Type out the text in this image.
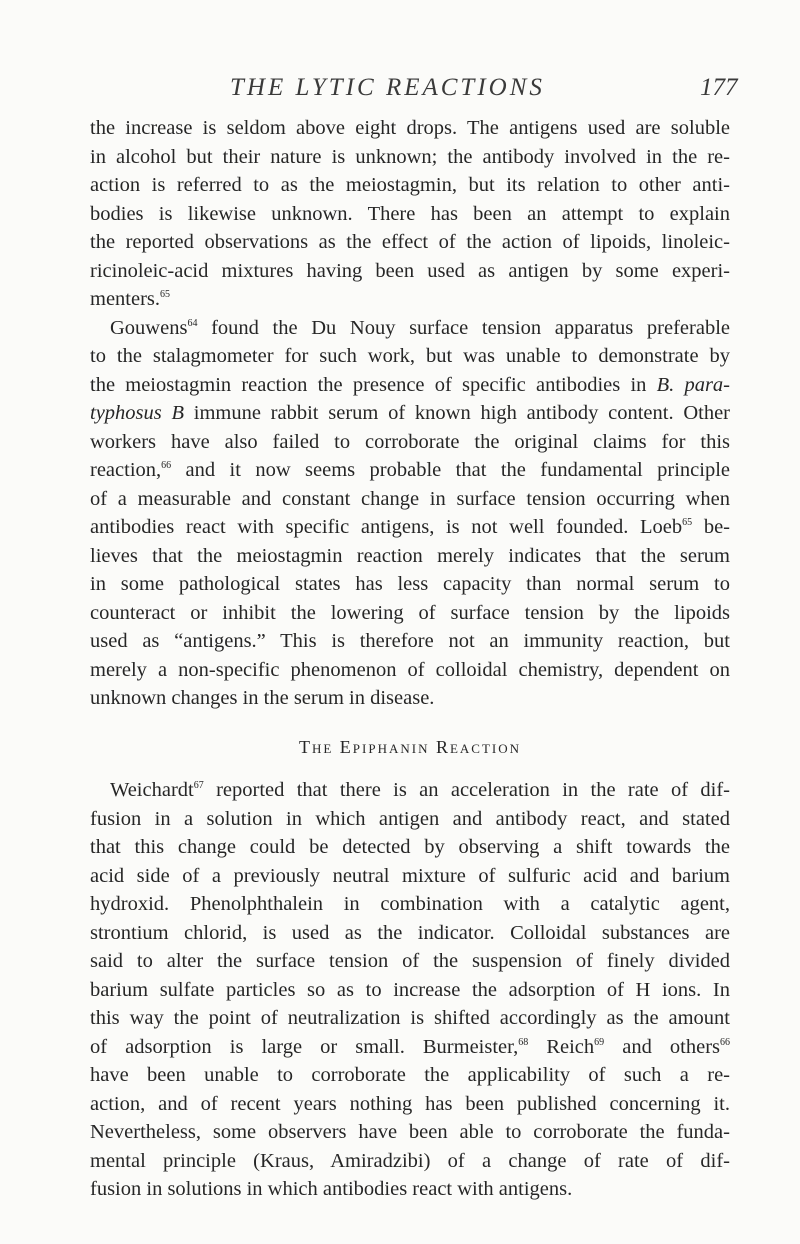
THE LYTIC REACTIONS	177
the increase is seldom above eight drops. The antigens used are soluble
in alcohol but their nature is unknown; the antibody involved in the re-
action is referred to as the meiostagmin, but its relation to other anti-
bodies is likewise unknown. There has been an attempt to explain
the reported observations as the effect of the action of lipoids, linoleic-
ricinoleic-acid mixtures having been used as antigen by some experi-
menters.$^{65}$
Gouwens$^{64}$ found the Du Nouy surface tension apparatus preferable
to the stalagmometer for such work, but was unable to demonstrate by
the meiostagmin reaction the presence of specific antibodies in B. para-
typhosus B immune rabbit serum of known high antibody content. Other
workers have also failed to corroborate the original claims for this
reaction,$^{66}$ and it now seems probable that the fundamental principle
of a measurable and constant change in surface tension occurring when
antibodies react with specific antigens, is not well founded. Loeb$^{65}$ be-
lieves that the meiostagmin reaction merely indicates that the serum
in some pathological states has less capacity than normal serum to
counteract or inhibit the lowering of surface tension by the lipoids
used as “antigens.” This is therefore not an immunity reaction, but
merely a non-specific phenomenon of colloidal chemistry, dependent on
unknown changes in the serum in disease.
The Epiphanin Reaction
Weichardt$^{67}$ reported that there is an acceleration in the rate of dif-
fusion in a solution in which antigen and antibody react, and stated
that this change could be detected by observing a shift towards the
acid side of a previously neutral mixture of sulfuric acid and barium
hydroxid. Phenolphthalein in combination with a catalytic agent,
strontium chlorid, is used as the indicator. Colloidal substances are
said to alter the surface tension of the suspension of finely divided
barium sulfate particles so as to increase the adsorption of H ions. In
this way the point of neutralization is shifted accordingly as the amount
of adsorption is large or small. Burmeister,$^{68}$ Reich$^{69}$ and others$^{66}$
have been unable to corroborate the applicability of such a re-
action, and of recent years nothing has been published concerning it.
Nevertheless, some observers have been able to corroborate the funda-
mental principle (Kraus, Amiradzibi) of a change of rate of dif-
fusion in solutions in which antibodies react with antigens.
